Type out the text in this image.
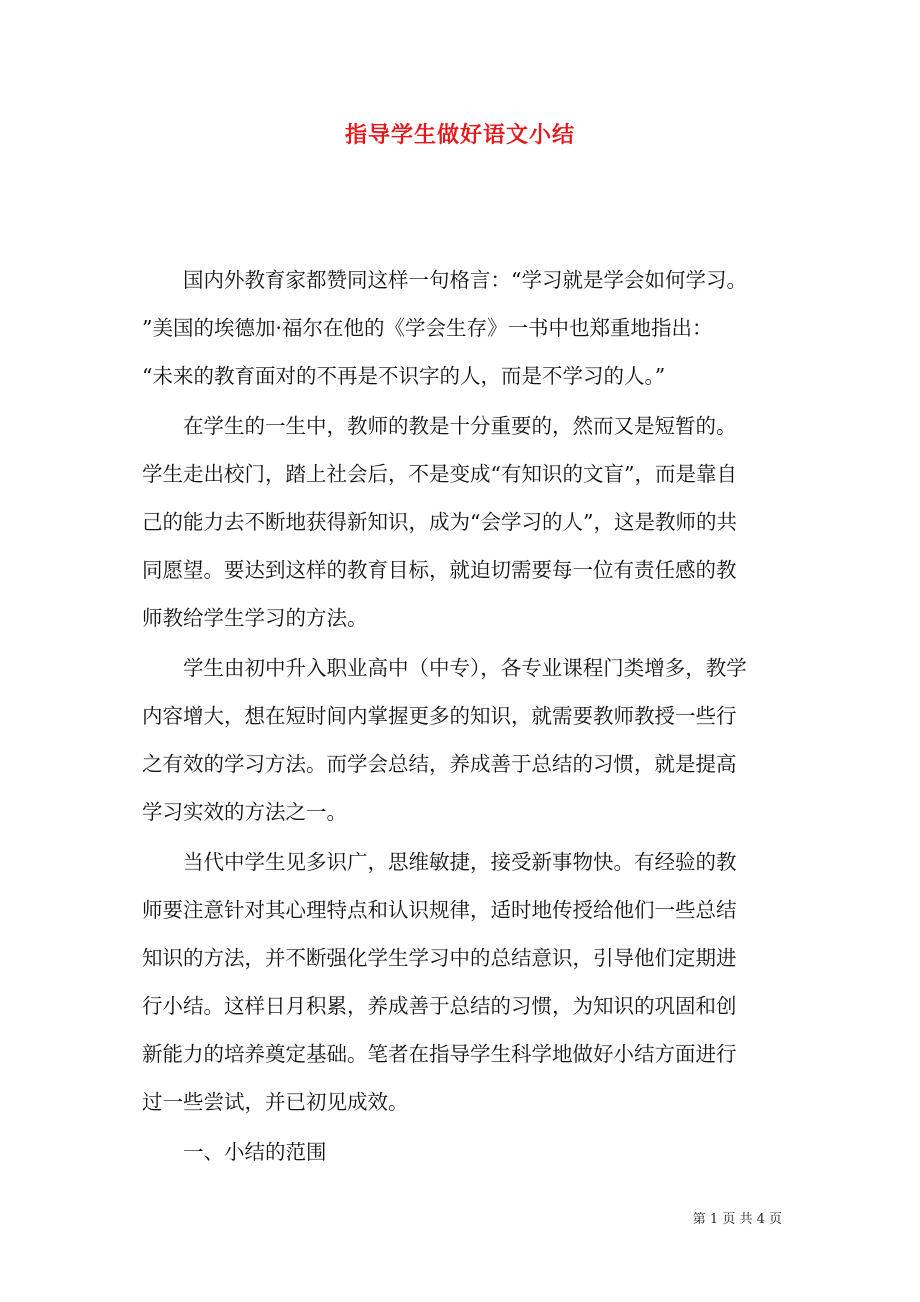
指导学生做好语文小结
　　国内外教育家都赞同这样一句格言：“学习就是学会如何学习。
”美国的埃德加·福尔在他的《学会生存》一书中也郑重地指出：
“未来的教育面对的不再是不识字的人，而是不学习的人。”
　　在学生的一生中，教师的教是十分重要的，然而又是短暂的。
学生走出校门，踏上社会后，不是变成“有知识的文盲”，而是靠自
己的能力去不断地获得新知识，成为“会学习的人”，这是教师的共
同愿望。要达到这样的教育目标，就迫切需要每一位有责任感的教
师教给学生学习的方法。
　　学生由初中升入职业高中（中专），各专业课程门类增多，教学
内容增大，想在短时间内掌握更多的知识，就需要教师教授一些行
之有效的学习方法。而学会总结，养成善于总结的习惯，就是提高
学习实效的方法之一。
　　当代中学生见多识广，思维敏捷，接受新事物快。有经验的教
师要注意针对其心理特点和认识规律，适时地传授给他们一些总结
知识的方法，并不断强化学生学习中的总结意识，引导他们定期进
行小结。这样日月积累，养成善于总结的习惯，为知识的巩固和创
新能力的培养奠定基础。笔者在指导学生科学地做好小结方面进行
过一些尝试，并已初见成效。
　　一、小结的范围
第 1 页 共 4 页
